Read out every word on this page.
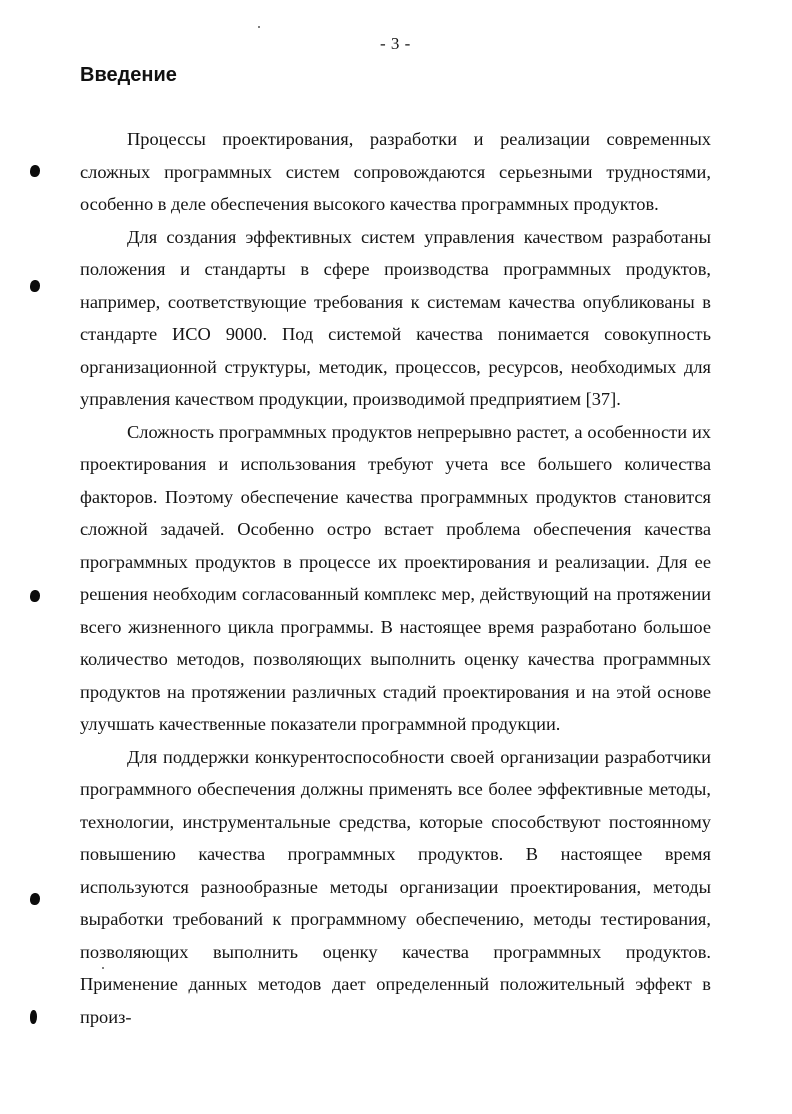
- 3 -
Введение

Процессы проектирования, разработки и реализации современных сложных программных систем сопровождаются серьезными трудностями, особенно в деле обеспечения высокого качества программных продуктов.

Для создания эффективных систем управления качеством разработаны положения и стандарты в сфере производства программных продуктов, например, соответствующие требования к системам качества опубликованы в стандарте ИСО 9000. Под системой качества понимается совокупность организационной структуры, методик, процессов, ресурсов, необходимых для управления качеством продукции, производимой предприятием [37].

Сложность программных продуктов непрерывно растет, а особенности их проектирования и использования требуют учета все большего количества факторов. Поэтому обеспечение качества программных продуктов становится сложной задачей. Особенно остро встает проблема обеспечения качества программных продуктов в процессе их проектирования и реализации. Для ее решения необходим согласованный комплекс мер, действующий на протяжении всего жизненного цикла программы. В настоящее время разработано большое количество методов, позволяющих выполнить оценку качества программных продуктов на протяжении различных стадий проектирования и на этой основе улучшать качественные показатели программной продукции.

Для поддержки конкурентоспособности своей организации разработчики программного обеспечения должны применять все более эффективные методы, технологии, инструментальные средства, которые способствуют постоянному повышению качества программных продуктов. В настоящее время используются разнообразные методы организации проектирования, методы выработки требований к программному обеспечению, методы тестирования, позволяющих выполнить оценку качества программных продуктов. Применение данных методов дает определенный положительный эффект в произ-
